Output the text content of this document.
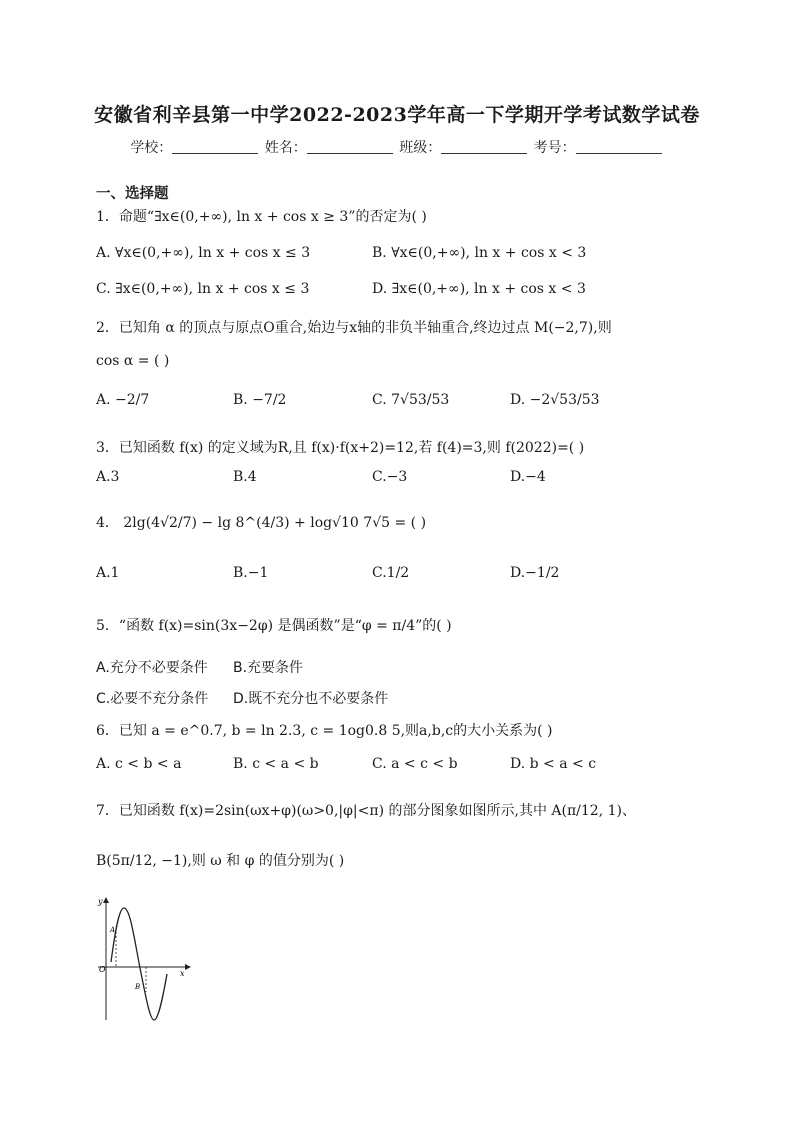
安徽省利辛县第一中学2022-2023学年高一下学期开学考试数学试卷
学校：	姓名：	班级：	考号：
一、选择题
1．命题“∃x∈(0,+∞), ln x + cos x ≥ 3”的否定为( )
A. ∀x∈(0,+∞), ln x + cos x ≤ 3	B. ∀x∈(0,+∞), ln x + cos x < 3
C. ∃x∈(0,+∞), ln x + cos x ≤ 3	D. ∃x∈(0,+∞), ln x + cos x < 3
2．已知角 α 的顶点与原点O重合,始边与x轴的非负半轴重合,终边过点 M(−2,7),则
cos α = ( )
A. −2/7	B. −7/2	C. 7√53/53	D. −2√53/53
3．已知函数 f(x) 的定义域为R,且 f(x)·f(x+2)=12,若 f(4)=3,则 f(2022)=( )
A.3	B.4	C.−3	D.−4
4． 2lg(4√2/7) − lg 8^(4/3) + log√10 7√5 = ( )
A.1	B.−1	C.1/2	D.−1/2
5．“函数 f(x)=sin(3x−2φ) 是偶函数”是“φ = π/4”的( )
A.充分不必要条件 B.充要条件
C.必要不充分条件 D.既不充分也不必要条件
6．已知 a = e^0.7, b = ln 2.3, c = 1og0.8 5,则a,b,c的大小关系为( )
A. c < b < a	B. c < a < b	C. a < c < b	D. b < a < c
7．已知函数 f(x)=2sin(ωx+φ)(ω>0,|φ|<π) 的部分图象如图所示,其中 A(π/12, 1)、
B(5π/12, −1),则 ω 和 φ 的值分别为( )
y
x
O
A
B
